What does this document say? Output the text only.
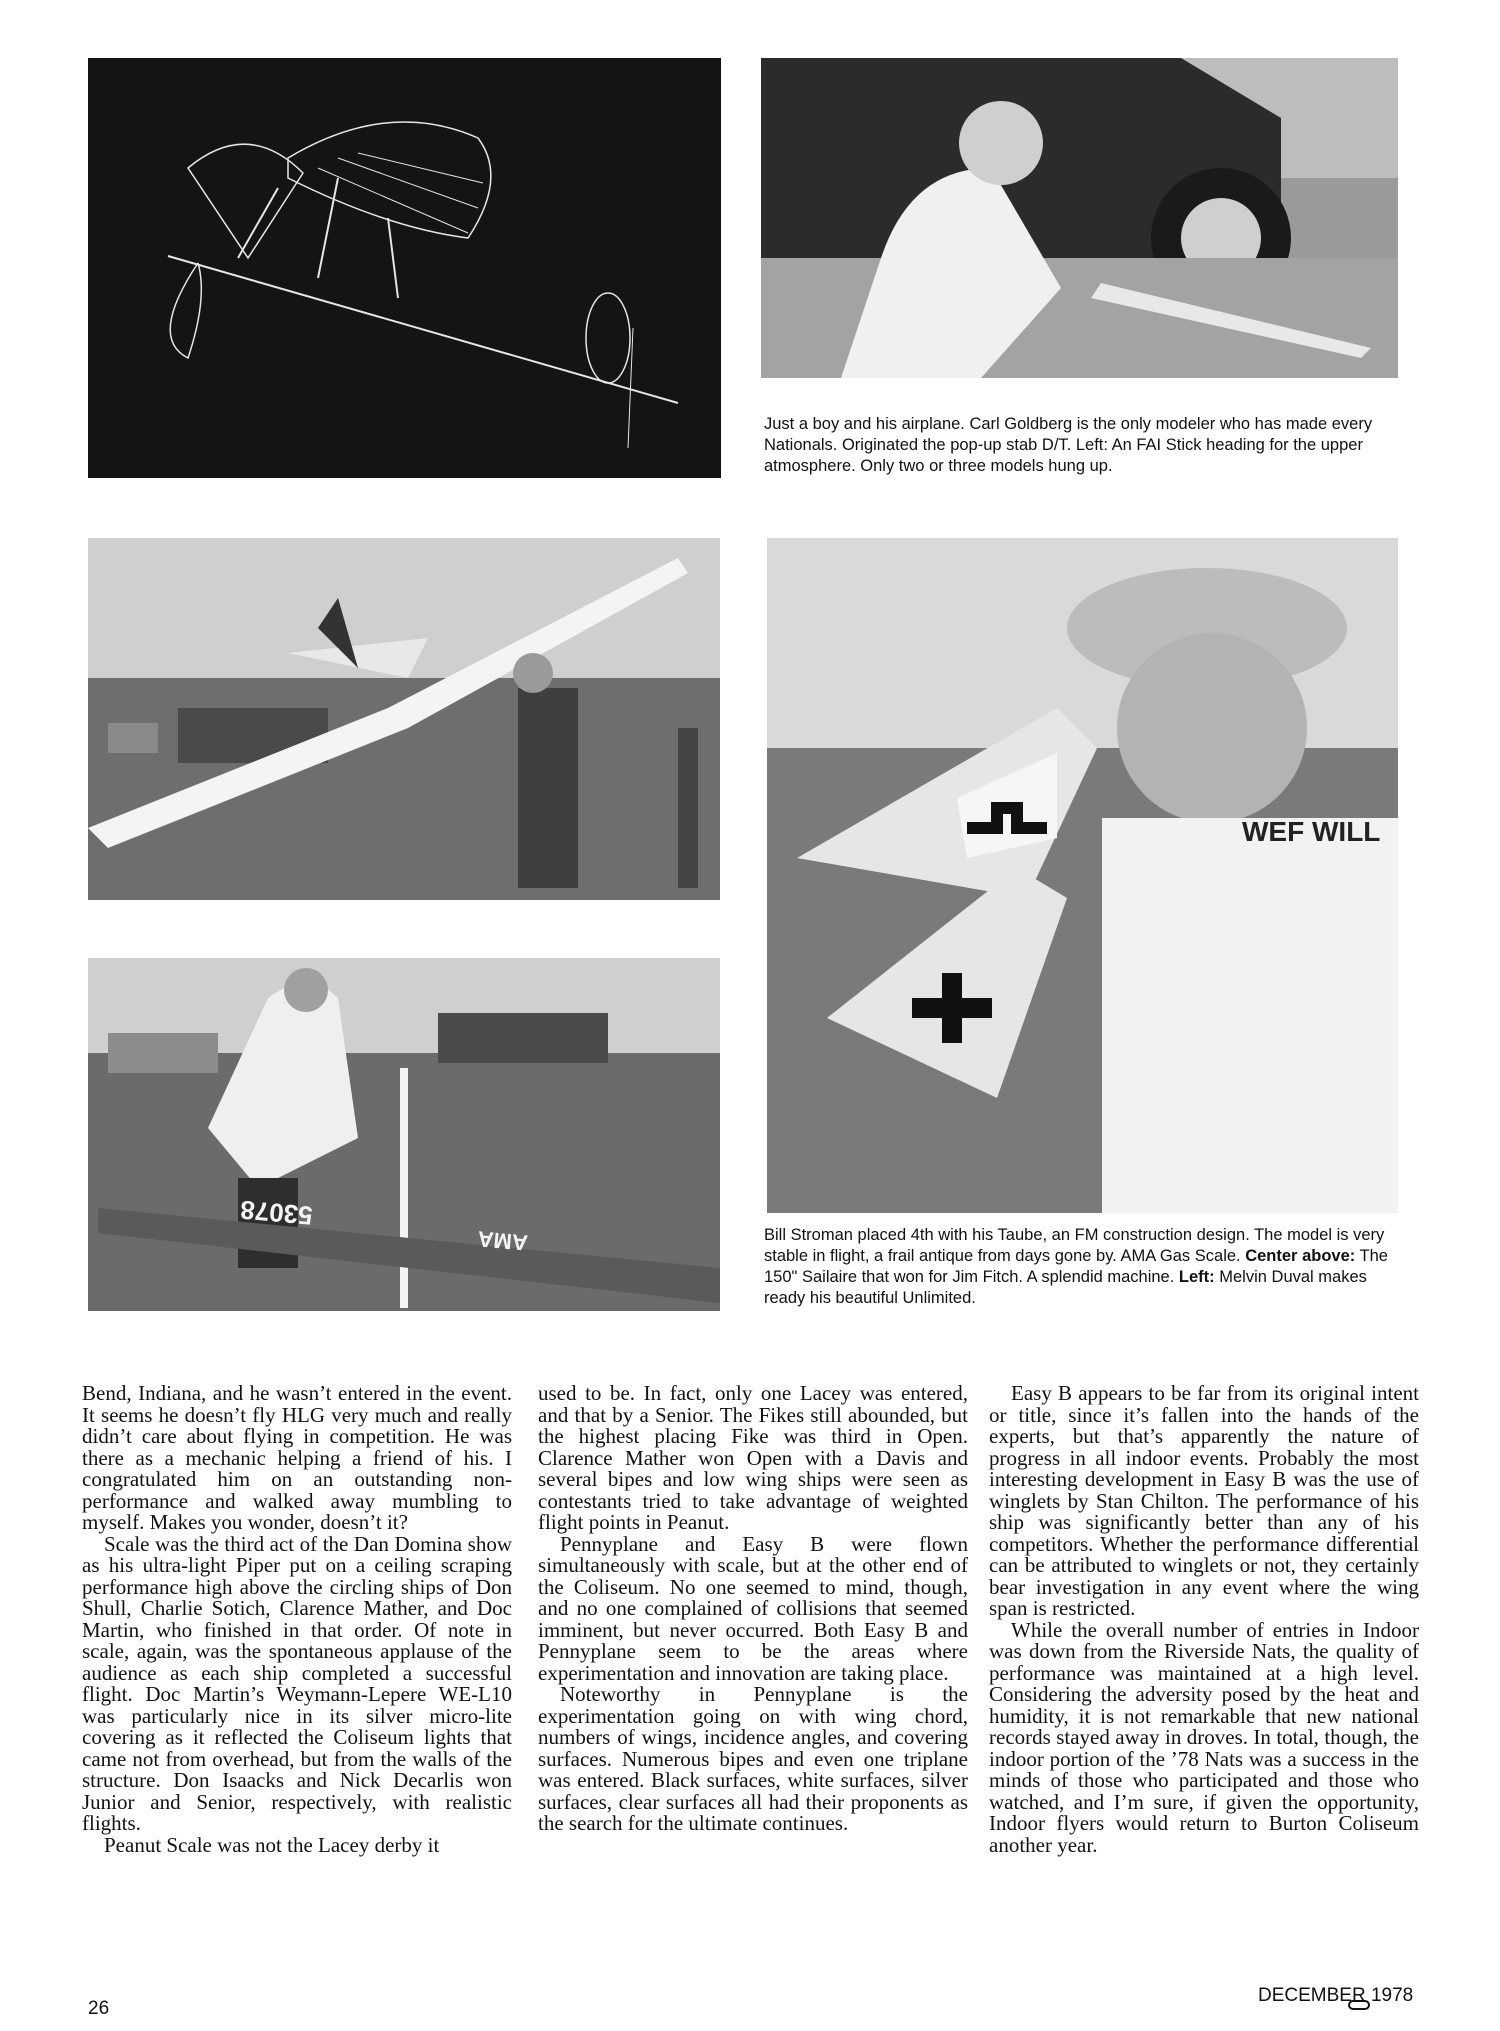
Just a boy and his airplane. Carl Goldberg is the only modeler who has made every Nationals. Originated the pop-up stab D/T. Left: An FAI Stick heading for the upper atmosphere. Only two or three models hung up.

WEF WILL
53078
AMA	Bill Stroman placed 4th with his Taube, an FM construction design. The model is very stable in flight, a frail antique from days gone by. AMA Gas Scale. Center above: The 150" Sailaire that won for Jim Fitch. A splendid machine. Left: Melvin Duval makes ready his beautiful Unlimited.

Bend, Indiana, and he wasn’t entered in the event. It seems he doesn’t fly HLG very much and really didn’t care about flying in competition. He was there as a mechanic helping a friend of his. I congratulated him on an outstanding non-performance and walked away mumbling to myself. Makes you wonder, doesn’t it?

Scale was the third act of the Dan Domina show as his ultra-light Piper put on a ceiling scraping performance high above the circling ships of Don Shull, Charlie Sotich, Clarence Mather, and Doc Martin, who finished in that order. Of note in scale, again, was the spontaneous applause of the audience as each ship completed a successful flight. Doc Martin’s Weymann-Lepere WE-L10 was particularly nice in its silver micro-lite covering as it reflected the Coliseum lights that came not from overhead, but from the walls of the structure. Don Isaacks and Nick Decarlis won Junior and Senior, respectively, with realistic flights.

Peanut Scale was not the Lacey derby it

used to be. In fact, only one Lacey was entered, and that by a Senior. The Fikes still abounded, but the highest placing Fike was third in Open. Clarence Mather won Open with a Davis and several bipes and low wing ships were seen as contestants tried to take advantage of weighted flight points in Peanut.

Pennyplane and Easy B were flown simultaneously with scale, but at the other end of the Coliseum. No one seemed to mind, though, and no one complained of collisions that seemed imminent, but never occurred. Both Easy B and Pennyplane seem to be the areas where experimentation and innovation are taking place.

Noteworthy in Pennyplane is the experimentation going on with wing chord, numbers of wings, incidence angles, and covering surfaces. Numerous bipes and even one triplane was entered. Black surfaces, white surfaces, silver surfaces, clear surfaces all had their proponents as the search for the ultimate continues.

Easy B appears to be far from its original intent or title, since it’s fallen into the hands of the experts, but that’s apparently the nature of progress in all indoor events. Probably the most interesting development in Easy B was the use of winglets by Stan Chilton. The performance of his ship was significantly better than any of his competitors. Whether the performance differential can be attributed to winglets or not, they certainly bear investigation in any event where the wing span is restricted.

While the overall number of entries in Indoor was down from the Riverside Nats, the quality of performance was maintained at a high level. Considering the adversity posed by the heat and humidity, it is not remarkable that new national records stayed away in droves. In total, though, the indoor portion of the ’78 Nats was a success in the minds of those who participated and those who watched, and I’m sure, if given the opportunity, Indoor flyers would return to Burton Coliseum another year.

26
DECEMBER 1978
